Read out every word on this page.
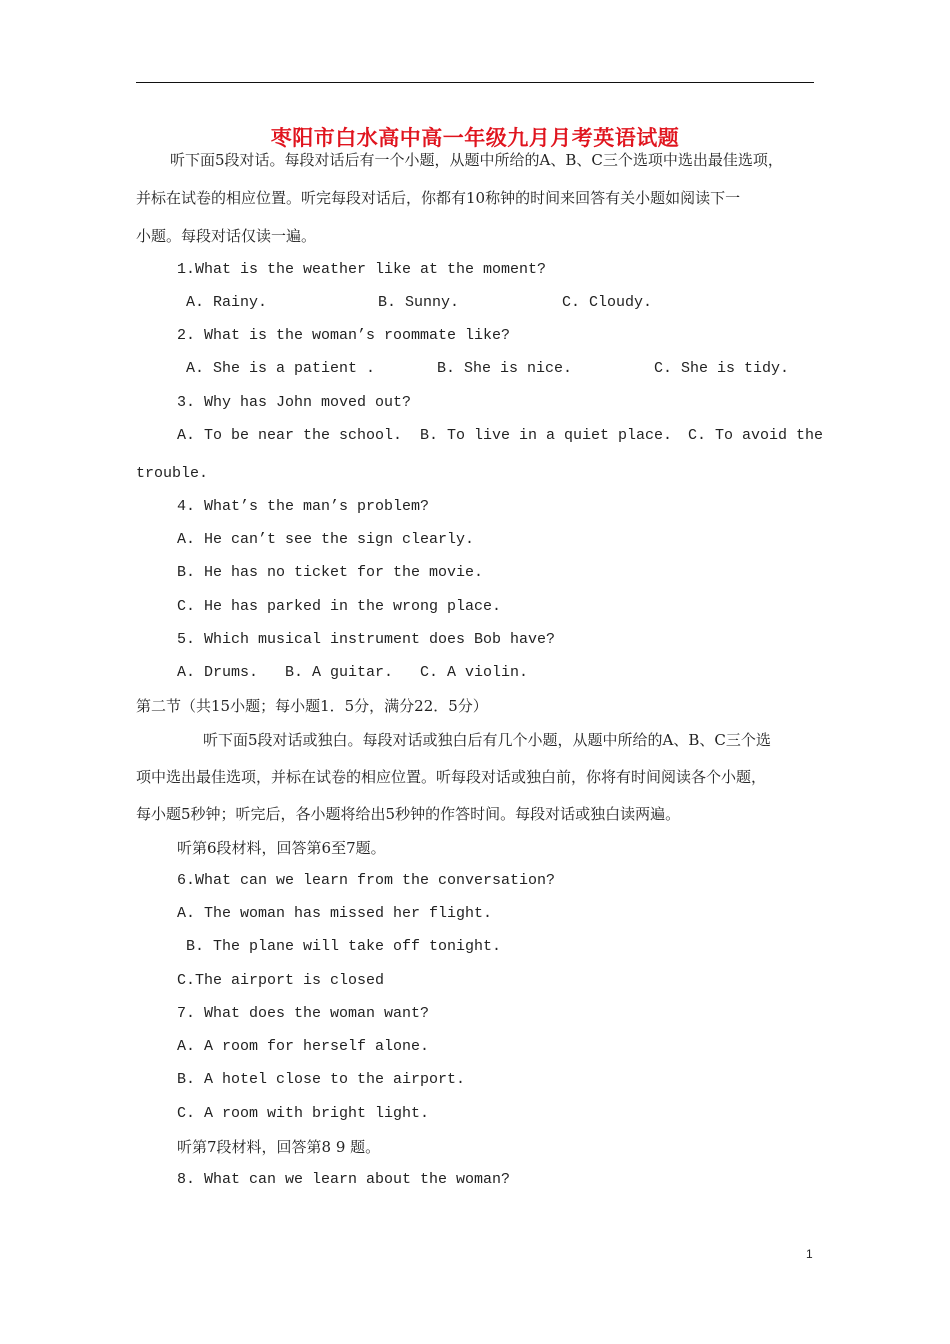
枣阳市白水高中高一年级九月月考英语试题
听下面5段对话。每段对话后有一个小题，从题中所给的A、B、C三个选项中选出最佳选项，
并标在试卷的相应位置。听完每段对话后，你都有10称钟的时间来回答有关小题如阅读下一
小题。每段对话仅读一遍。
1.What is the weather like at the moment?
A. Rainy.	B. Sunny.	C. Cloudy.
2. What is the woman’s roommate like?
A. She is a patient .	B. She is nice.	C. She is tidy.
3. Why has John moved out?
A. To be near the school. B. To live in a quiet place. C. To avoid the
trouble.
4. What’s the man’s problem?
A. He can’t see the sign clearly.
B. He has no ticket for the movie.
C. He has parked in the wrong place.
5. Which musical instrument does Bob have?
A. Drums. B. A guitar. C. A violin.
第二节（共15小题；每小题1．5分，满分22．5分）
听下面5段对话或独白。每段对话或独白后有几个小题，从题中所给的A、B、C三个选
项中选出最佳选项，并标在试卷的相应位置。听每段对话或独白前，你将有时间阅读各个小题，
每小题5秒钟；听完后，各小题将给出5秒钟的作答时间。每段对话或独白读两遍。
听第6段材料，回答第6至7题。
6.What can we learn from the conversation?
A. The woman has missed her flight.
B. The plane will take off tonight.
C.The airport is closed
7. What does the woman want?
A. A room for herself alone.
B. A hotel close to the airport.
C. A room with bright light.
听第7段材料，回答第8 9 题。
8. What can we learn about the woman?
1
